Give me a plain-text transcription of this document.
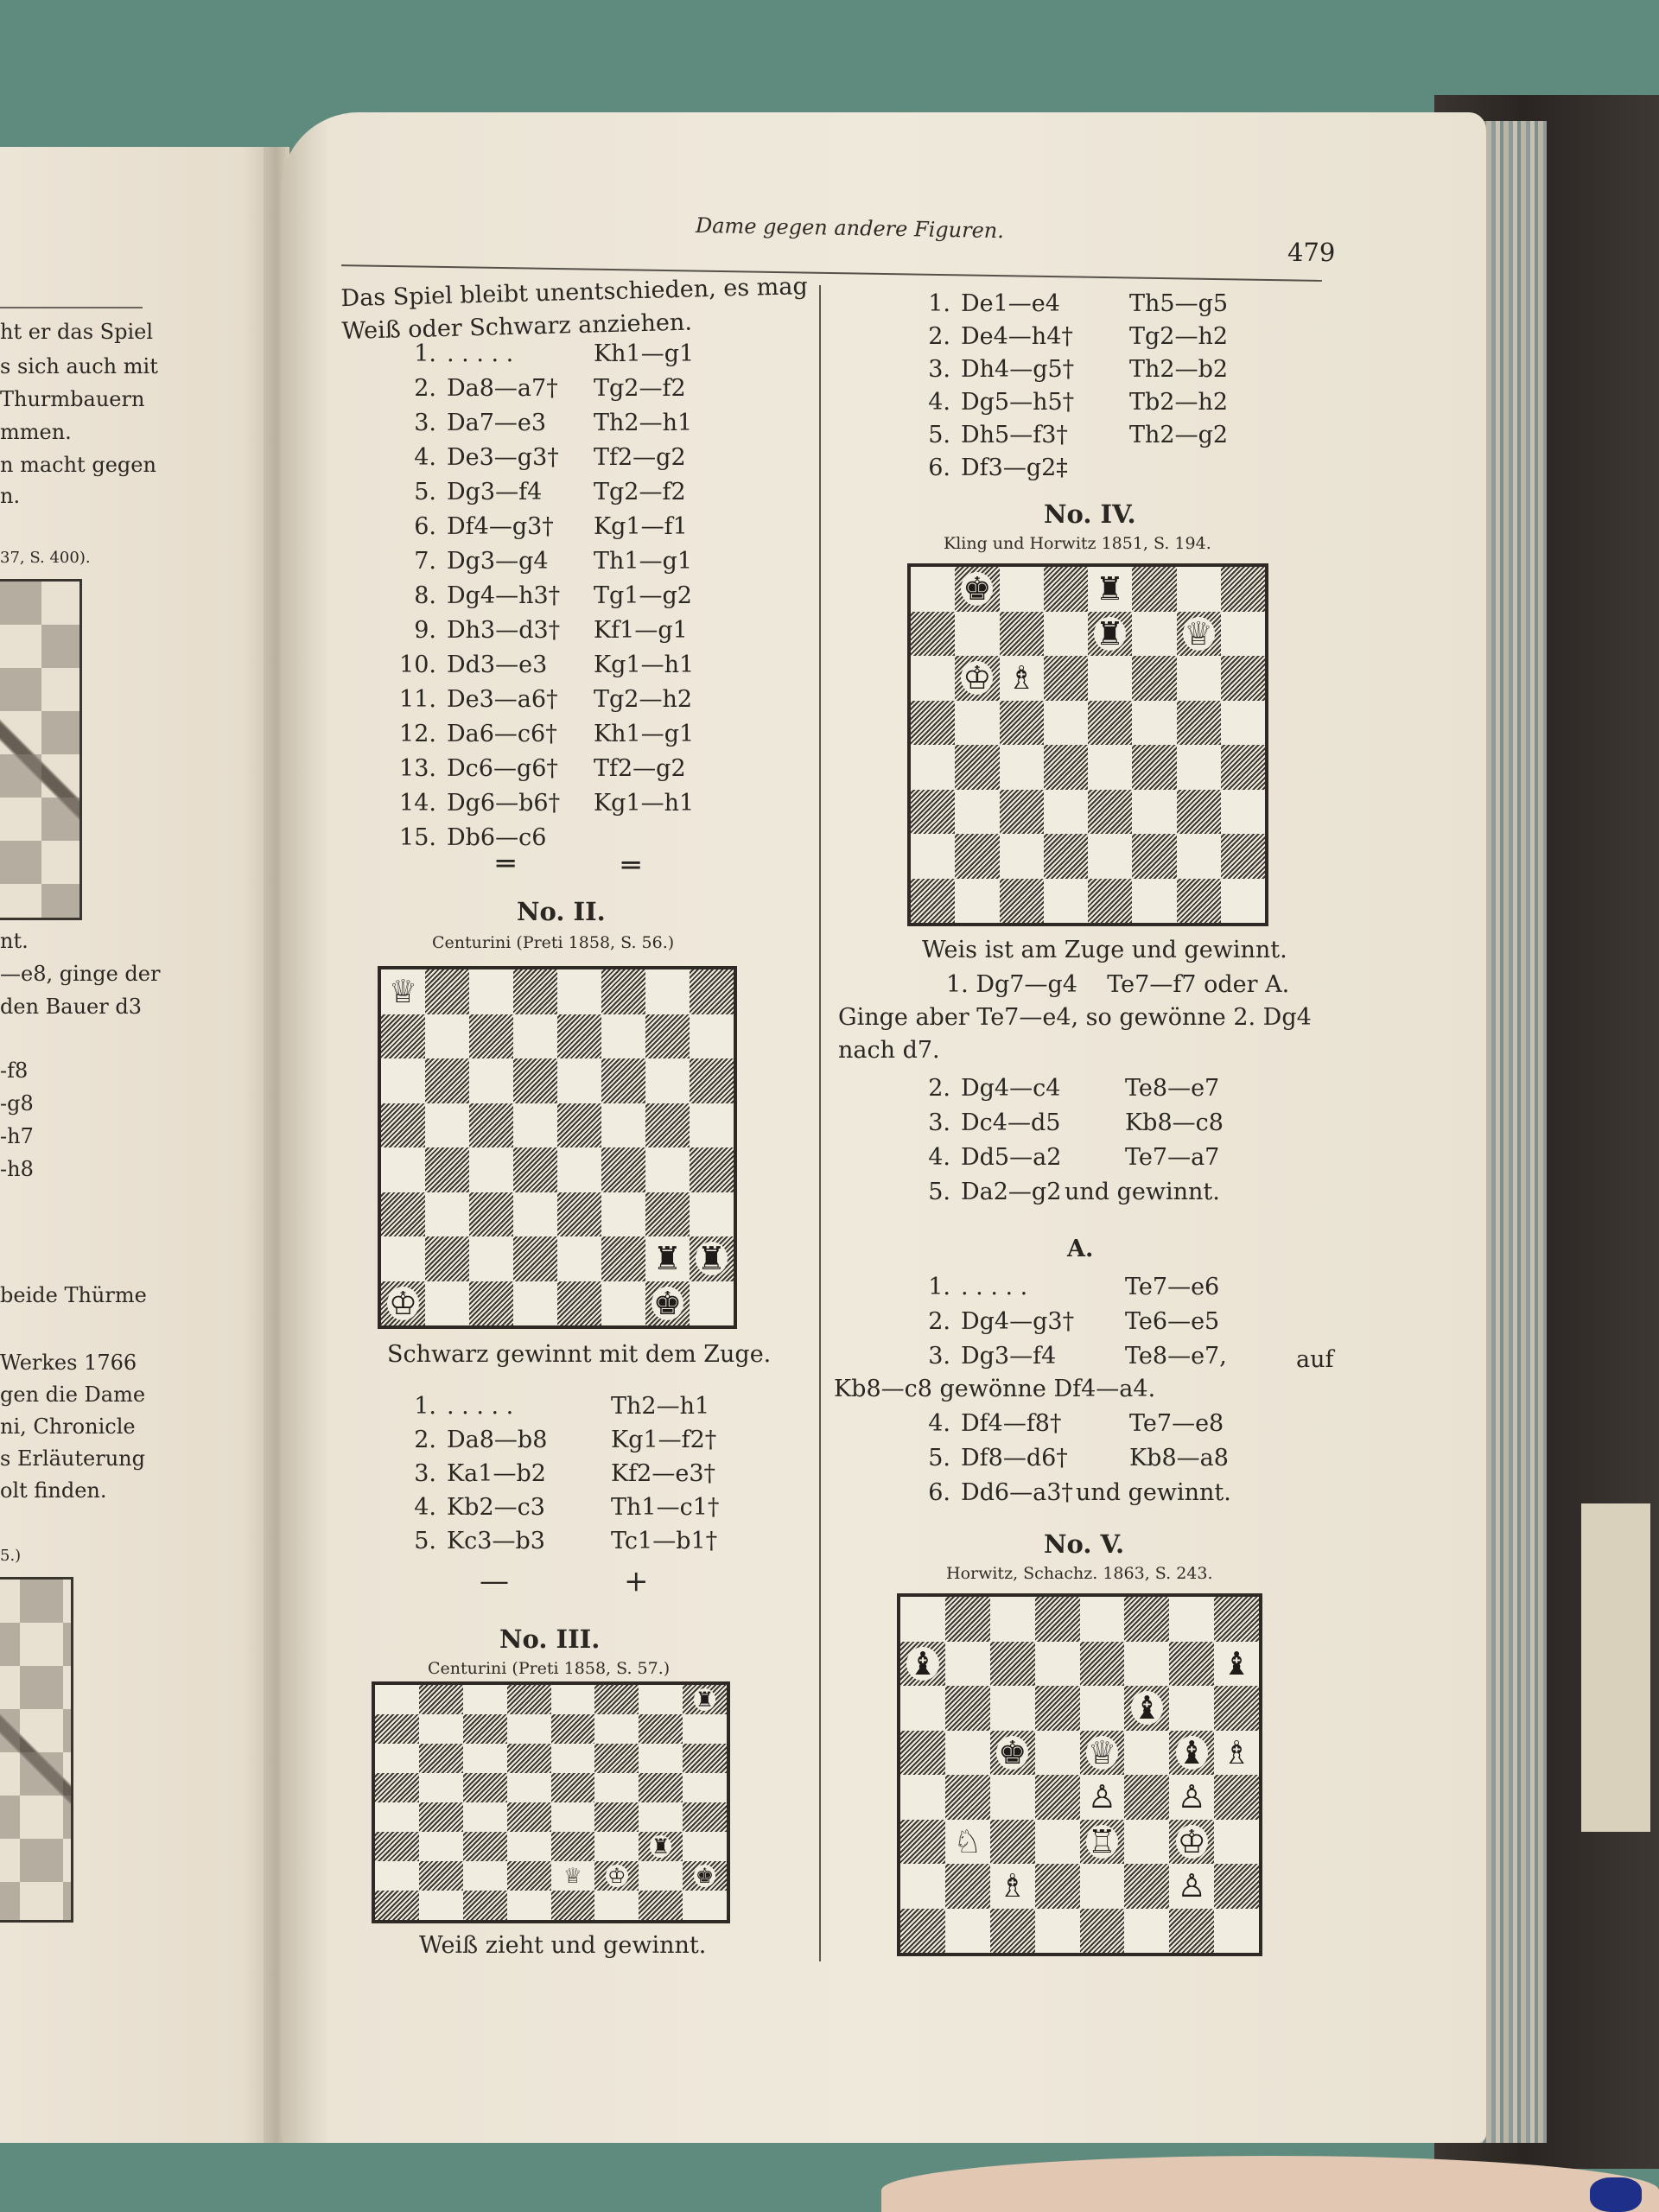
ht er das Spiel
s sich auch mit
Thurmbauern
mmen.
n macht gegen
n.
37, S. 400).
nt.
—e8, ginge der
den Bauer d3
-f8
-g8
-h7
-h8
beide Thürme
Werkes 1766
gen die Dame
ni, Chronicle
s Erläuterung
olt finden.
5.)
Dame gegen andere Figuren.
479
Das Spiel bleibt unentschieden, es mag Weiß oder Schwarz anziehen.
1. . . . . .	Kh1—g1
2. Da8—a7†	Tg2—f2
3. Da7—e3	Th2—h1
4. De3—g3†	Tf2—g2
5. Dg3—f4	Tg2—f2
6. Df4—g3†	Kg1—f1
7. Dg3—g4	Th1—g1
8. Dg4—h3†	Tg1—g2
9. Dh3—d3†	Kf1—g1
10. Dd3—e3	Kg1—h1
11. De3—a6†	Tg2—h2
12. Da6—c6†	Kh1—g1
13. Dc6—g6†	Tf2—g2
14. Dg6—b6†	Kg1—h1
15. Db6—c6
═	═
No. II.
Centurini (Preti 1858, S. 56.)
♕
♜ ♜
♔	♚
Schwarz gewinnt mit dem Zuge.
1. . . . . .	Th2—h1
2. Da8—b8	Kg1—f2†
3. Ka1—b2	Kf2—e3†
4. Kb2—c3	Th1—c1†
5. Kc3—b3	Tc1—b1†
—	+
No. III.
Centurini (Preti 1858, S. 57.)
♜
♜
♕ ♔	♚
Weiß zieht und gewinnt.
1. De1—e4	Th5—g5
2. De4—h4†	Tg2—h2
3. Dh4—g5†	Th2—b2
4. Dg5—h5†	Tb2—h2
5. Dh5—f3†	Th2—g2
6. Df3—g2‡
No. IV.
Kling und Horwitz 1851, S. 194.
♚	♜
♜ ♕
♔ ♗
Weis ist am Zuge und gewinnt.
1. Dg7—g4    Te7—f7 oder A.
Ginge aber Te7—e4, so gewönne 2. Dg4
nach d7.
2. Dg4—c4	Te8—e7
3. Dc4—d5	Kb8—c8
4. Dd5—a2	Te7—a7
5. Da2—g2 und gewinnt.
A.
1. . . . . .	Te7—e6
2. Dg4—g3†	Te6—e5
3. Dg3—f4	Te8—e7,	auf
Kb8—c8 gewönne Df4—a4.
4. Df4—f8†	Te7—e8
5. Df8—d6†	Kb8—a8
6. Dd6—a3† und gewinnt.
No. V.
Horwitz, Schachz. 1863, S. 243.
♝	♝
♝
♚ ♕ ♝ ♗
♙ ♙
♘	♖ ♔
♗	♙
